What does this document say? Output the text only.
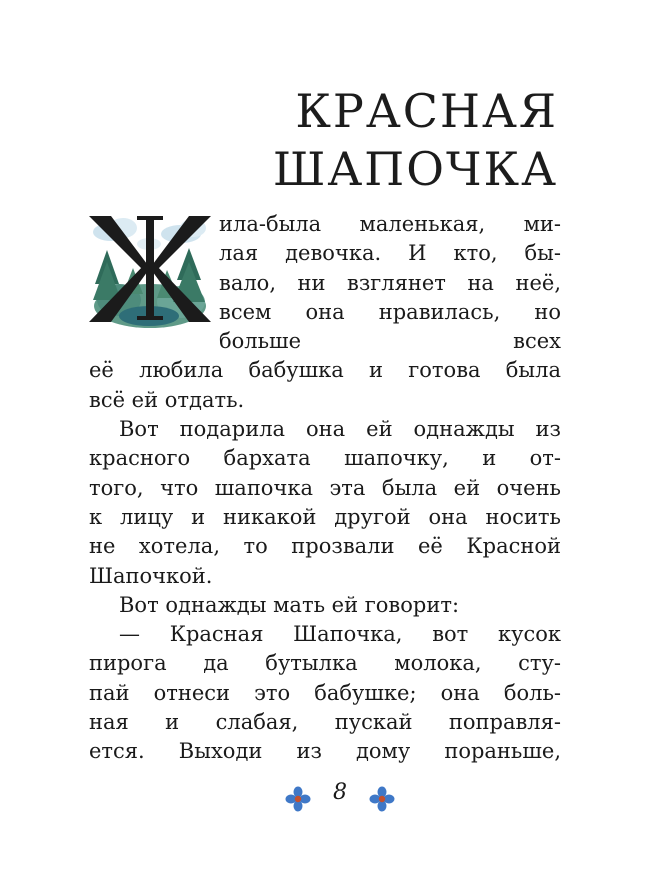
КРАСНАЯ
ШАПОЧКА

ила-была маленькая, ми-
лая девочка. И кто, бы-
вало, ни взглянет на неё,
всем она нравилась, но больше всех
её любила бабушка и готова была
всё ей отдать.

Вот подарила она ей однажды из
красного бархата шапочку, и от-
того, что шапочка эта была ей очень
к лицу и никакой другой она носить
не хотела, то прозвали её Красной
Шапочкой.

Вот однажды мать ей говорит:

— Красная Шапочка, вот кусок
пирога да бутылка молока, сту-
пай отнеси это бабушке; она боль-
ная и слабая, пускай поправля-
ется. Выходи из дому пораньше,

8
